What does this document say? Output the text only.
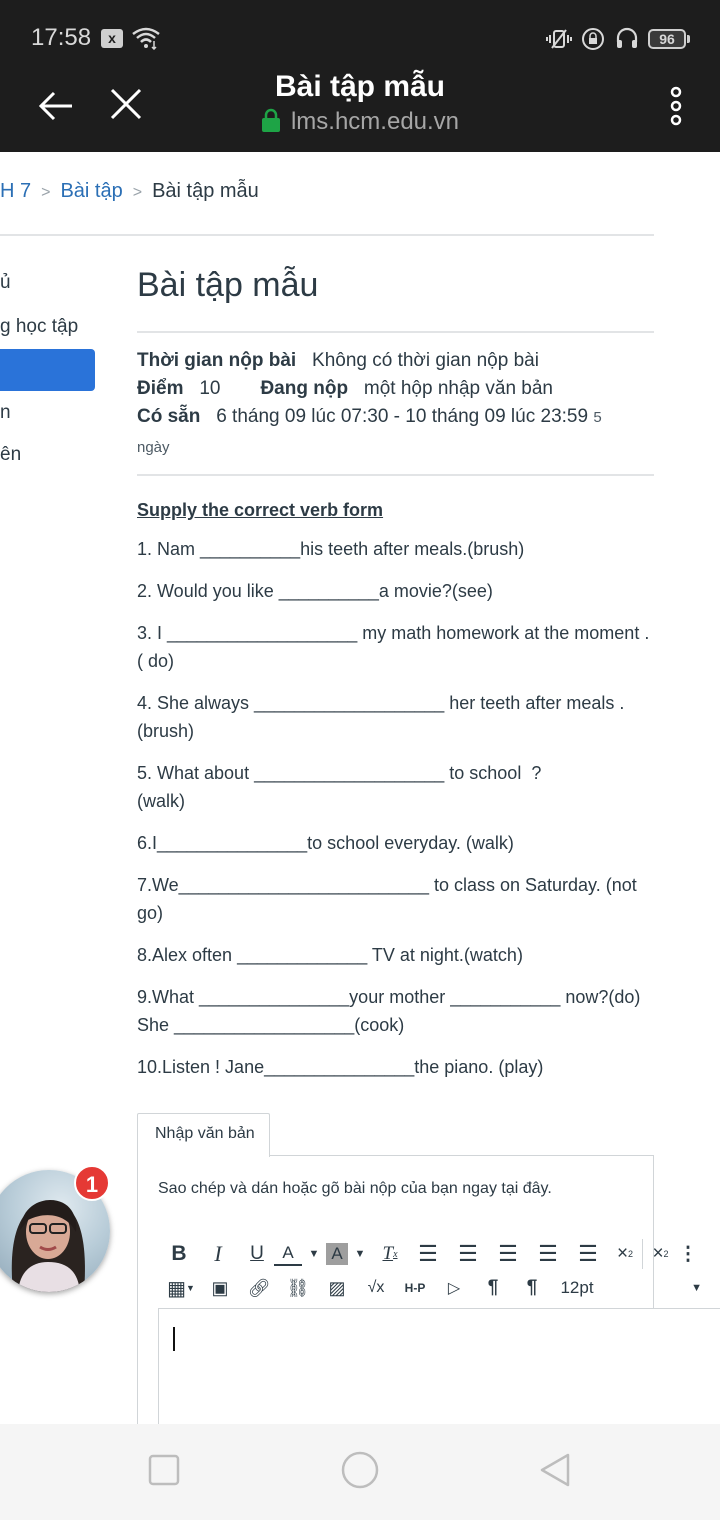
17:58	x	96
Bài tập mẫu
lms.hcm.edu.vn
H 7 > Bài tập > Bài tập mẫu
ủ
g học tập
n
ên
Bài tập mẫu
Thời gian nộp bài Không có thời gian nộp bài
Điểm 10 Đang nộp một hộp nhập văn bản
Có sẵn 6 tháng 09 lúc 07:30 - 10 tháng 09 lúc 23:59 5
ngày
Supply the correct verb form
1. Nam __________his teeth after meals.(brush)
2. Would you like __________a movie?(see)
3. I ___________________ my math homework at the moment .
( do)
4. She always ___________________ her teeth after meals .
(brush)
5. What about ___________________ to school  ?
(walk)
6.I_______________to school everyday. (walk)
7.We_________________________ to class on Saturday. (not go)
8.Alex often _____________ TV at night.(watch)
9.What _______________your mother ___________ now?(do)
She __________________(cook)
10.Listen ! Jane_______________the piano. (play)
Nhập văn bản
Sao chép và dán hoặc gõ bài nộp của bạn ngay tại đây.
B	I	U	A	▼ A	▼ T x ☰ ☰ ☰ ☰ ☰	× 2	× 2 ⋮
▦ ▼ ▣	🔗︎ ⛓︎	▨	√x	H‑P	▷	¶	¶	12pt	▼
1
